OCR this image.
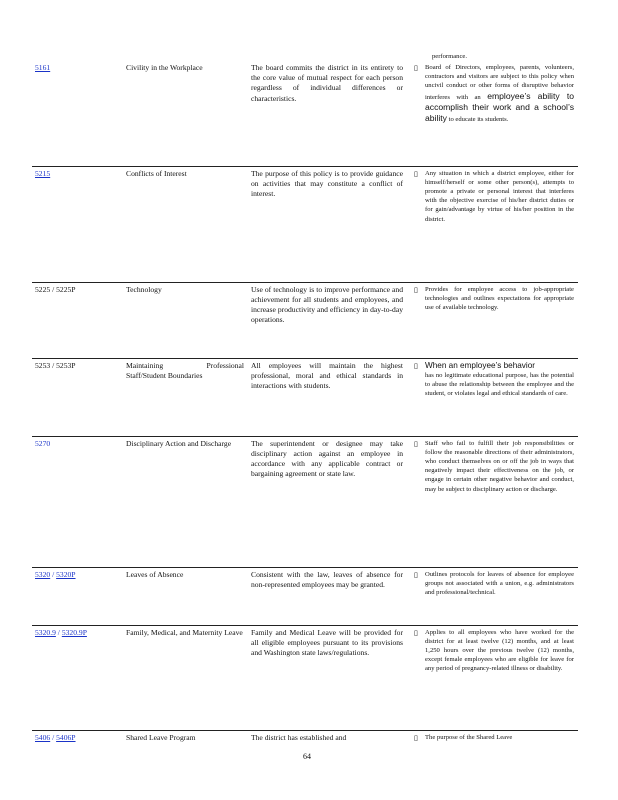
performance.
5161	Civility in the Workplace	The board commits the district in its entirety to the core value of mutual respect for each person regardless of individual differences or characteristics.	▯ Board of Directors, employees, parents, volunteers, contractors and visitors are subject to this policy when uncivil conduct or other forms of disruptive behavior interferes with an employee’s ability to accomplish their work and a school’s ability to educate its students.

5215	Conflicts of Interest	The purpose of this policy is to provide guidance on activities that may constitute a conflict of interest.	▯ Any situation in which a district employee, either for himself/herself or some other person(s), attempts to promote a private or personal interest that interferes with the objective exercise of his/her district duties or for gain/advantage by virtue of his/her position in the district.

5225 / 5225P	Technology	Use of technology is to improve performance and achievement for all students and employees, and increase productivity and efficiency in day-to-day operations.	▯ Provides for employee access to job-appropriate technologies and outlines expectations for appropriate use of available technology.

5253 / 5253P	Maintaining Professional Staff/Student Boundaries	All employees will maintain the highest professional, moral and ethical standards in interactions with students.	▯ When an employee’s behavior
has no legitimate educational purpose, has the potential to abuse the relationship between the employee and the student, or violates legal and ethical standards of care.

5270	Disciplinary Action and Discharge	The superintendent or designee may take disciplinary action against an employee in accordance with any applicable contract or bargaining agreement or state law.	▯ Staff who fail to fulfill their job responsibilities or follow the reasonable directions of their administrators, who conduct themselves on or off the job in ways that negatively impact their effectiveness on the job, or engage in certain other negative behavior and conduct, may be subject to disciplinary action or discharge.

5320 / 5320P	Leaves of Absence	Consistent with the law, leaves of absence for non-represented employees may be granted.	▯ Outlines protocols for leaves of absence for employee groups not associated with a union, e.g. administrators and professional/technical.

5320.9 / 5320.9P	Family, Medical, and Maternity Leave	Family and Medical Leave will be provided for all eligible employees pursuant to its provisions and Washington state laws/regulations.	▯ Applies to all employees who have worked for the district for at least twelve (12) months, and at least 1,250 hours over the previous twelve (12) months, except female employees who are eligible for leave for any period of pregnancy-related illness or disability.

5406 / 5406P	Shared Leave Program	The district has established and	▯ The purpose of the Shared Leave
64
